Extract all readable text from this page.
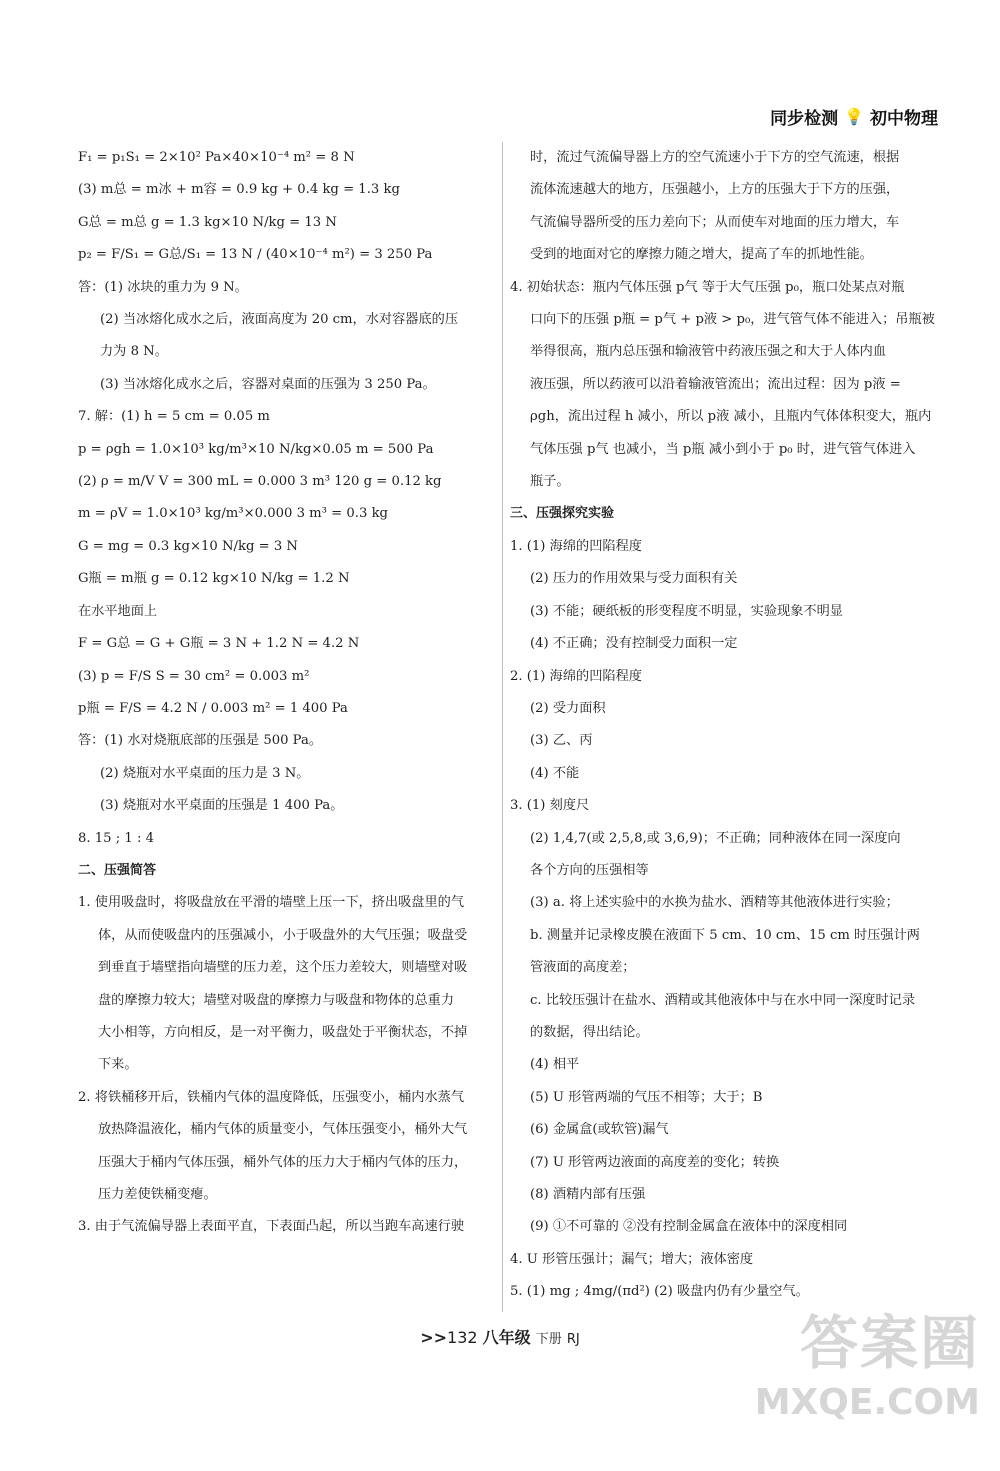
同步检测 💡 初中物理
F₁ = p₁S₁ = 2×10² Pa×40×10⁻⁴ m² = 8 N
(3) m总 = m冰 + m容 = 0.9 kg + 0.4 kg = 1.3 kg
G总 = m总 g = 1.3 kg×10 N/kg = 13 N
p₂ = F/S₁ = G总/S₁ = 13 N / (40×10⁻⁴ m²) = 3 250 Pa
答：(1) 冰块的重力为 9 N。
(2) 当冰熔化成水之后，液面高度为 20 cm，水对容器底的压
力为 8 N。
(3) 当冰熔化成水之后，容器对桌面的压强为 3 250 Pa。
7. 解：(1) h = 5 cm = 0.05 m
p = ρgh = 1.0×10³ kg/m³×10 N/kg×0.05 m = 500 Pa
(2) ρ = m/V V = 300 mL = 0.000 3 m³ 120 g = 0.12 kg
m = ρV = 1.0×10³ kg/m³×0.000 3 m³ = 0.3 kg
G = mg = 0.3 kg×10 N/kg = 3 N
G瓶 = m瓶 g = 0.12 kg×10 N/kg = 1.2 N
在水平地面上
F = G总 = G + G瓶 = 3 N + 1.2 N = 4.2 N
(3) p = F/S S = 30 cm² = 0.003 m²
p瓶 = F/S = 4.2 N / 0.003 m² = 1 400 Pa
答：(1) 水对烧瓶底部的压强是 500 Pa。
(2) 烧瓶对水平桌面的压力是 3 N。
(3) 烧瓶对水平桌面的压强是 1 400 Pa。
8. 15 ; 1 : 4
二、压强简答
1. 使用吸盘时，将吸盘放在平滑的墙壁上压一下，挤出吸盘里的气
体，从而使吸盘内的压强减小，小于吸盘外的大气压强；吸盘受
到垂直于墙壁指向墙壁的压力差，这个压力差较大，则墙壁对吸
盘的摩擦力较大；墙壁对吸盘的摩擦力与吸盘和物体的总重力
大小相等，方向相反，是一对平衡力，吸盘处于平衡状态，不掉
下来。
2. 将铁桶移开后，铁桶内气体的温度降低，压强变小，桶内水蒸气
放热降温液化，桶内气体的质量变小，气体压强变小，桶外大气
压强大于桶内气体压强，桶外气体的压力大于桶内气体的压力，
压力差使铁桶变瘪。
3. 由于气流偏导器上表面平直，下表面凸起，所以当跑车高速行驶
时，流过气流偏导器上方的空气流速小于下方的空气流速，根据
流体流速越大的地方，压强越小，上方的压强大于下方的压强，
气流偏导器所受的压力差向下；从而使车对地面的压力增大，车
受到的地面对它的摩擦力随之增大，提高了车的抓地性能。
4. 初始状态：瓶内气体压强 p气 等于大气压强 p₀，瓶口处某点对瓶
口向下的压强 p瓶 = p气 + p液 > p₀，进气管气体不能进入；吊瓶被
举得很高，瓶内总压强和输液管中药液压强之和大于人体内血
液压强，所以药液可以沿着输液管流出；流出过程：因为 p液 =
ρgh，流出过程 h 减小，所以 p液 减小，且瓶内气体体积变大，瓶内
气体压强 p气 也减小，当 p瓶 减小到小于 p₀ 时，进气管气体进入
瓶子。
三、压强探究实验
1. (1) 海绵的凹陷程度
(2) 压力的作用效果与受力面积有关
(3) 不能；硬纸板的形变程度不明显，实验现象不明显
(4) 不正确；没有控制受力面积一定
2. (1) 海绵的凹陷程度
(2) 受力面积
(3) 乙、丙
(4) 不能
3. (1) 刻度尺
(2) 1,4,7(或 2,5,8,或 3,6,9)；不正确；同种液体在同一深度向
各个方向的压强相等
(3) a. 将上述实验中的水换为盐水、酒精等其他液体进行实验；
b. 测量并记录橡皮膜在液面下 5 cm、10 cm、15 cm 时压强计两
管液面的高度差；
c. 比较压强计在盐水、酒精或其他液体中与在水中同一深度时记录
的数据，得出结论。
(4) 相平
(5) U 形管两端的气压不相等；大于；B
(6) 金属盒(或软管)漏气
(7) U 形管两边液面的高度差的变化；转换
(8) 酒精内部有压强
(9) ①不可靠的 ②没有控制金属盒在液体中的深度相同
4. U 形管压强计；漏气；增大；液体密度
5. (1) mg ; 4mg/(πd²) (2) 吸盘内仍有少量空气。
>>132 八年级 下册 RJ	答案圈
MXQE.COM
